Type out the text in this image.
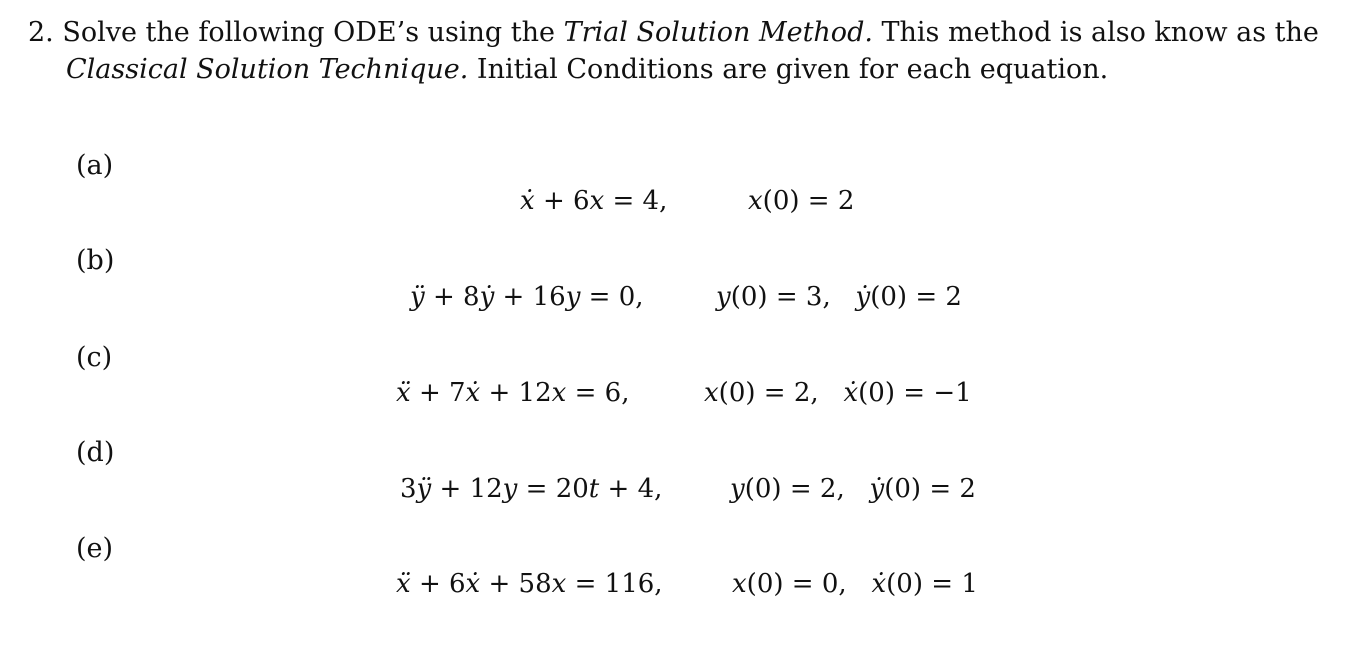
2. Solve the following ODE’s using the Trial Solution Method. This method is also know as the
Classical Solution Technique. Initial Conditions are given for each equation.
(a)
ẋ + 6x = 4,	x(0) = 2
(b)
ÿ + 8ẏ + 16y = 0,	y(0) = 3, ẏ(0) = 2
(c)
ẍ + 7ẋ + 12x = 6,	x(0) = 2, ẋ(0) = −1
(d)
3ÿ + 12y = 20t + 4,	y(0) = 2, ẏ(0) = 2
(e)
ẍ + 6ẋ + 58x = 116,	x(0) = 0, ẋ(0) = 1
